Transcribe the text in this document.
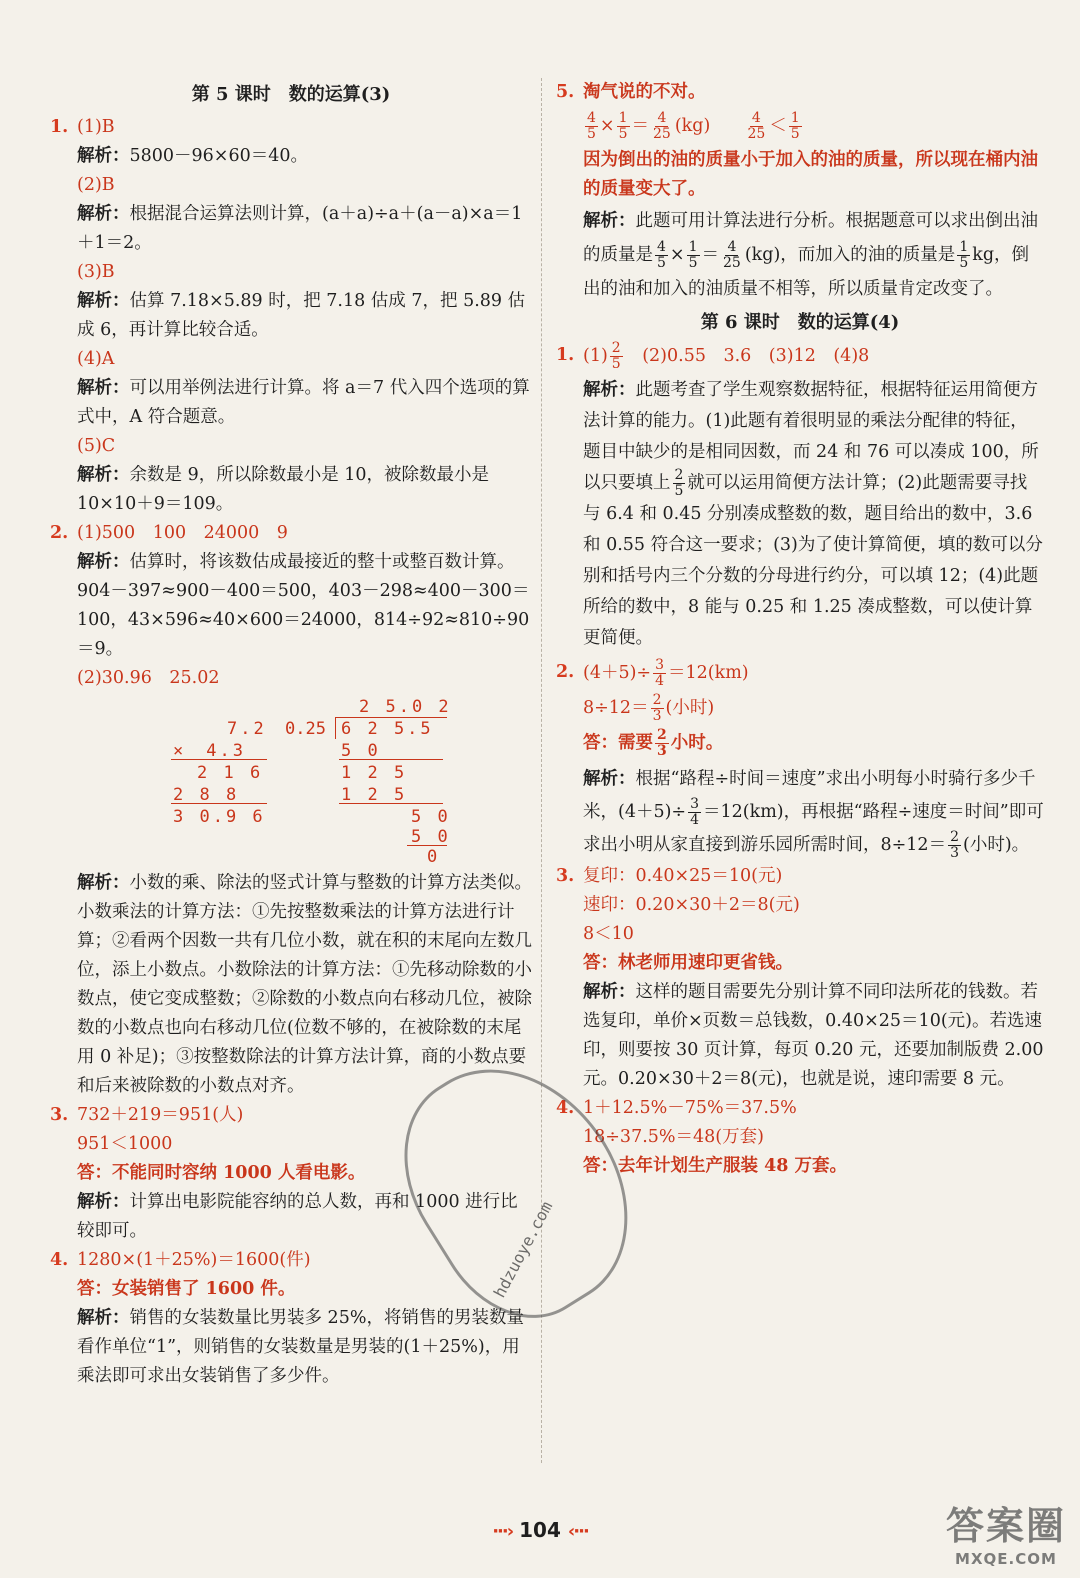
第 5 课时　数的运算(3)
1. (1)B

解析：5800－96×60＝40。

(2)B

解析：根据混合运算法则计算，(a＋a)÷a＋(a－a)×a＝1＋1＝2。

(3)B

解析：估算 7.18×5.89 时，把 7.18 估成 7，把 5.89 估成 6，再计算比较合适。

(4)A

解析：可以用举例法进行计算。将 a＝7 代入四个选项的算式中，A 符合题意。

(5)C

解析：余数是 9，所以除数最小是 10，被除数最小是 10×10＋9＝109。

2. (1)500　100　24000　9

解析：估算时，将该数估成最接近的整十或整百数计算。904－397≈900－400＝500，403－298≈400－300＝100，43×596≈40×600＝24000，814÷92≈810÷90＝9。

(2)30.96　25.02
7.2
×　4.3
2 1 6
2 8 8
3 0.9 6
2 5.0 2
0.25 6 2 5.5
5 0
1 2 5
1 2 5
5 0
5 0
0

解析：小数的乘、除法的竖式计算与整数的计算方法类似。小数乘法的计算方法：①先按整数乘法的计算方法进行计算；②看两个因数一共有几位小数，就在积的末尾向左数几位，添上小数点。小数除法的计算方法：①先移动除数的小数点，使它变成整数；②除数的小数点向右移动几位，被除数的小数点也向右移动几位(位数不够的，在被除数的末尾用 0 补足)；③按整数除法的计算方法计算，商的小数点要和后来被除数的小数点对齐。

3. 732＋219＝951(人)
951＜1000
答：不能同时容纳 1000 人看电影。

解析：计算出电影院能容纳的总人数，再和 1000 进行比较即可。

4. 1280×(1＋25%)＝1600(件)
答：女装销售了 1600 件。

解析：销售的女装数量比男装多 25%，将销售的男装数量看作单位“1”，则销售的女装数量是男装的(1＋25%)，用乘法即可求出女装销售了多少件。

5. 淘气说的不对。
$\frac{4}{5} \times \frac{1}{5} = \frac{4}{25} (kg)$	$\frac{4}{25} < \frac{1}{5}$
因为倒出的油的质量小于加入的油的质量，所以现在桶内油的质量变大了。

解析：此题可用计算法进行分析。根据题意可以求出倒出油的质量是 $\frac{4}{5} \times \frac{1}{5} = \frac{4}{25} (kg)$，而加入的油的质量是 $\frac{1}{5}$ kg，倒出的油和加入的油质量不相等，所以质量肯定改变了。

第 6 课时　数的运算(4)
1. $(1) \frac{2}{5}$ 　(2)0.55　3.6　(3)12　(4)8

解析：此题考查了学生观察数据特征，根据特征运用简便方法计算的能力。(1)此题有着很明显的乘法分配律的特征，题目中缺少的是相同因数，而 24 和 76 可以凑成 100，所以只要填上 $\frac{2}{5}$ 就可以运用简便方法计算；(2)此题需要寻找与 6.4 和 0.45 分别凑成整数的数，题目给出的数中，3.6 和 0.55 符合这一要求；(3)为了使计算简便，填的数可以分别和括号内三个分数的分母进行约分，可以填 12；(4)此题所给的数中，8 能与 0.25 和 1.25 凑成整数，可以使计算更简便。

2. $(4+5)\div \frac{3}{4} =12(km)$
$8\div 12= \frac{2}{3}$ (小时)
答：需要 $\frac{2}{3}$ 小时。

解析：根据“路程÷时间＝速度”求出小明每小时骑行多少千米，$(4+5)\div \frac{3}{4} =12(km)$，再根据“路程÷速度＝时间”即可求出小明从家直接到游乐园所需时间，$8\div 12= \frac{2}{3}$ (小时)。

3. 复印：0.40×25＝10(元)
速印：0.20×30＋2＝8(元)
8＜10
答：林老师用速印更省钱。

解析：这样的题目需要先分别计算不同印法所花的钱数。若选复印，单价×页数＝总钱数，0.40×25＝10(元)。若选速印，则要按 30 页计算，每页 0.20 元，还要加制版费 2.00 元。0.20×30＋2＝8(元)，也就是说，速印需要 8 元。

4. 1＋12.5%－75%＝37.5%
18÷37.5%＝48(万套)
答：去年计划生产服装 48 万套。
hdzuoye.com
···› 104 ‹···	答案圈
MXQE.COM
